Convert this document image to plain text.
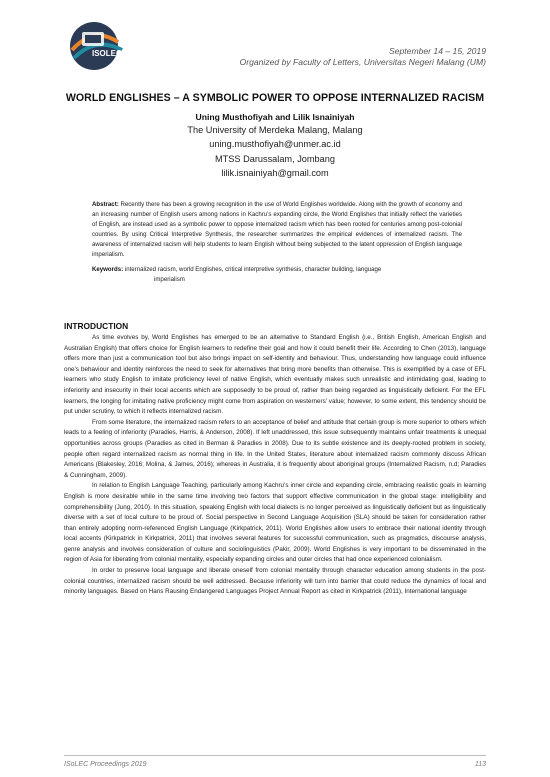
ISOLEC	September 14 – 15, 2019
Organized by Faculty of Letters, Universitas Negeri Malang (UM)
WORLD ENGLISHES – A SYMBOLIC POWER TO OPPOSE INTERNALIZED RACISM
Uning Musthofiyah and Lilik Isnainiyah
The University of Merdeka Malang, Malang
uning.musthofiyah@unmer.ac.id
MTSS Darussalam, Jombang
lilik.isnainiyah@gmail.com
Abstract: Recently there has been a growing recognition in the use of World Englishes worldwide. Along with the growth of economy and an increasing number of English users among nations in Kachru’s expanding circle, the World Englishes that initially reflect the varieties of English, are instead used as a symbolic power to oppose internalized racism which has been rooted for centuries among post-colonial countries. By using Critical Interpretive Synthesis, the researcher summarizes the empirical evidences of internalized racism. The awareness of internalized racism will help students to learn English without being subjected to the latent oppression of English language imperialism.
Keywords: internalized racism, world Englishes, critical interpretive synthesis, character building, language
imperialism
INTRODUCTION

As time evolves by, World Englishes has emerged to be an alternative to Standard English (i.e., British English, American English and Australian English) that offers choice for English learners to redefine their goal and how it could benefit their life. According to Chen (2013), language offers more than just a communication tool but also brings impact on self-identity and behaviour. Thus, understanding how language could influence one’s behaviour and identity reinforces the need to seek for alternatives that bring more benefits than otherwise. This is exemplified by a case of EFL learners who study English to imitate proficiency level of native English, which eventually makes such unrealistic and intimidating goal, leading to inferiority and insecurity in their local accents which are supposedly to be proud of, rather than being regarded as linguistically deficient. For the EFL learners, the longing for imitating native proficiency might come from aspiration on westerners’ value; however, to some extent, this tendency should be put under scrutiny, to which it reflects internalized racism.

From some literature, the internalized racism refers to an acceptance of belief and attitude that certain group is more superior to others which leads to a feeling of inferiority (Paradies, Harris, & Anderson, 2008). If left unaddressed, this issue subsequently maintains unfair treatments & unequal opportunities across groups (Paradies as cited in Berman & Paradies in 2008). Due to its subtle existence and its deeply-rooted problem in society, people often regard internalized racism as normal thing in life. In the United States, literature about internalized racism commonly discuss African Americans (Blakesley, 2016; Molina, & James, 2016); whereas in Australia, it is frequently about aboriginal groups (Internalized Racism, n.d; Paradies & Cunningham, 2009).

In relation to English Language Teaching, particularly among Kachru’s inner circle and expanding circle, embracing realistic goals in learning English is more desirable while in the same time involving two factors that support effective communication in the global stage: intelligibility and comprehensibility (Jung, 2010). In this situation, speaking English with local dialects is no longer perceived as linguistically deficient but as linguistically diverse with a set of local culture to be proud of. Social perspective in Second Language Acquisition (SLA) should be taken for consideration rather than entirely adopting norm-referenced English Language (Kirkpatrick, 2011). World Englishes allow users to embrace their national identity through local accents (Kirkpatrick in Kirkpatrick, 2011) that involves several features for successful communication, such as pragmatics, discourse analysis, genre analysis and involves consideration of culture and sociolinguistics (Pakir, 2009). World Englishes is very important to be disseminated in the region of Asia for liberating from colonial mentality, especially expanding circles and outer circles that had once experienced colonialism.

In order to preserve local language and liberate oneself from colonial mentality through character education among students in the post-colonial countries, internalized racism should be well addressed. Because inferiority will turn into barrier that could reduce the dynamics of local and minority languages. Based on Hans Rausing Endangered Languages Project Annual Report as cited in Kirkpatrick (2011), International language

ISoLEC Proceedings 2019	113
